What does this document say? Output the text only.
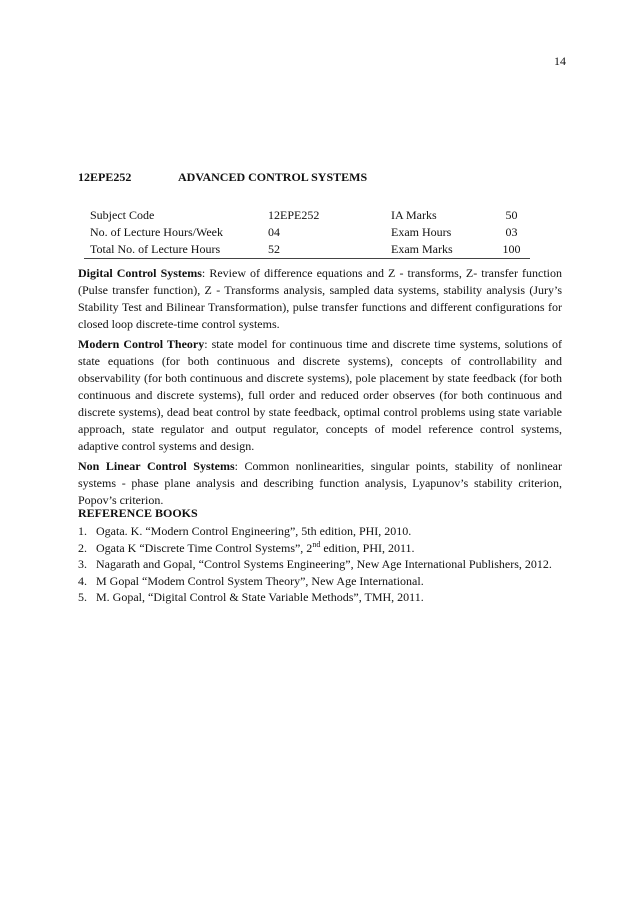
14
12EPE252	ADVANCED CONTROL SYSTEMS
Subject Code	12EPE252	IA Marks	50
No. of Lecture Hours/Week	04	Exam Hours	03
Total No. of Lecture Hours	52	Exam Marks	100

Digital Control Systems: Review of difference equations and Z - transforms, Z- transfer function (Pulse transfer function), Z - Transforms analysis, sampled data systems, stability analysis (Jury’s Stability Test and Bilinear Transformation), pulse transfer functions and different configurations for closed loop discrete-time control systems.

Modern Control Theory: state model for continuous time and discrete time systems, solutions of state equations (for both continuous and discrete systems), concepts of controllability and observability (for both continuous and discrete systems), pole placement by state feedback (for both continuous and discrete systems), full order and reduced order observes (for both continuous and discrete systems), dead beat control by state feedback, optimal control problems using state variable approach, state regulator and output regulator, concepts of model reference control systems, adaptive control systems and design.

Non Linear Control Systems: Common nonlinearities, singular points, stability of nonlinear systems - phase plane analysis and describing function analysis, Lyapunov’s stability criterion, Popov’s criterion.

REFERENCE BOOKS
1. Ogata. K. “Modern Control Engineering”, 5th edition, PHI, 2010.
2. Ogata K “Discrete Time Control Systems”, 2nd edition, PHI, 2011.
3. Nagarath and Gopal, “Control Systems Engineering”, New Age International Publishers, 2012.
4. M Gopal “Modem Control System Theory”, New Age International.
5. M. Gopal, “Digital Control & State Variable Methods”, TMH, 2011.
